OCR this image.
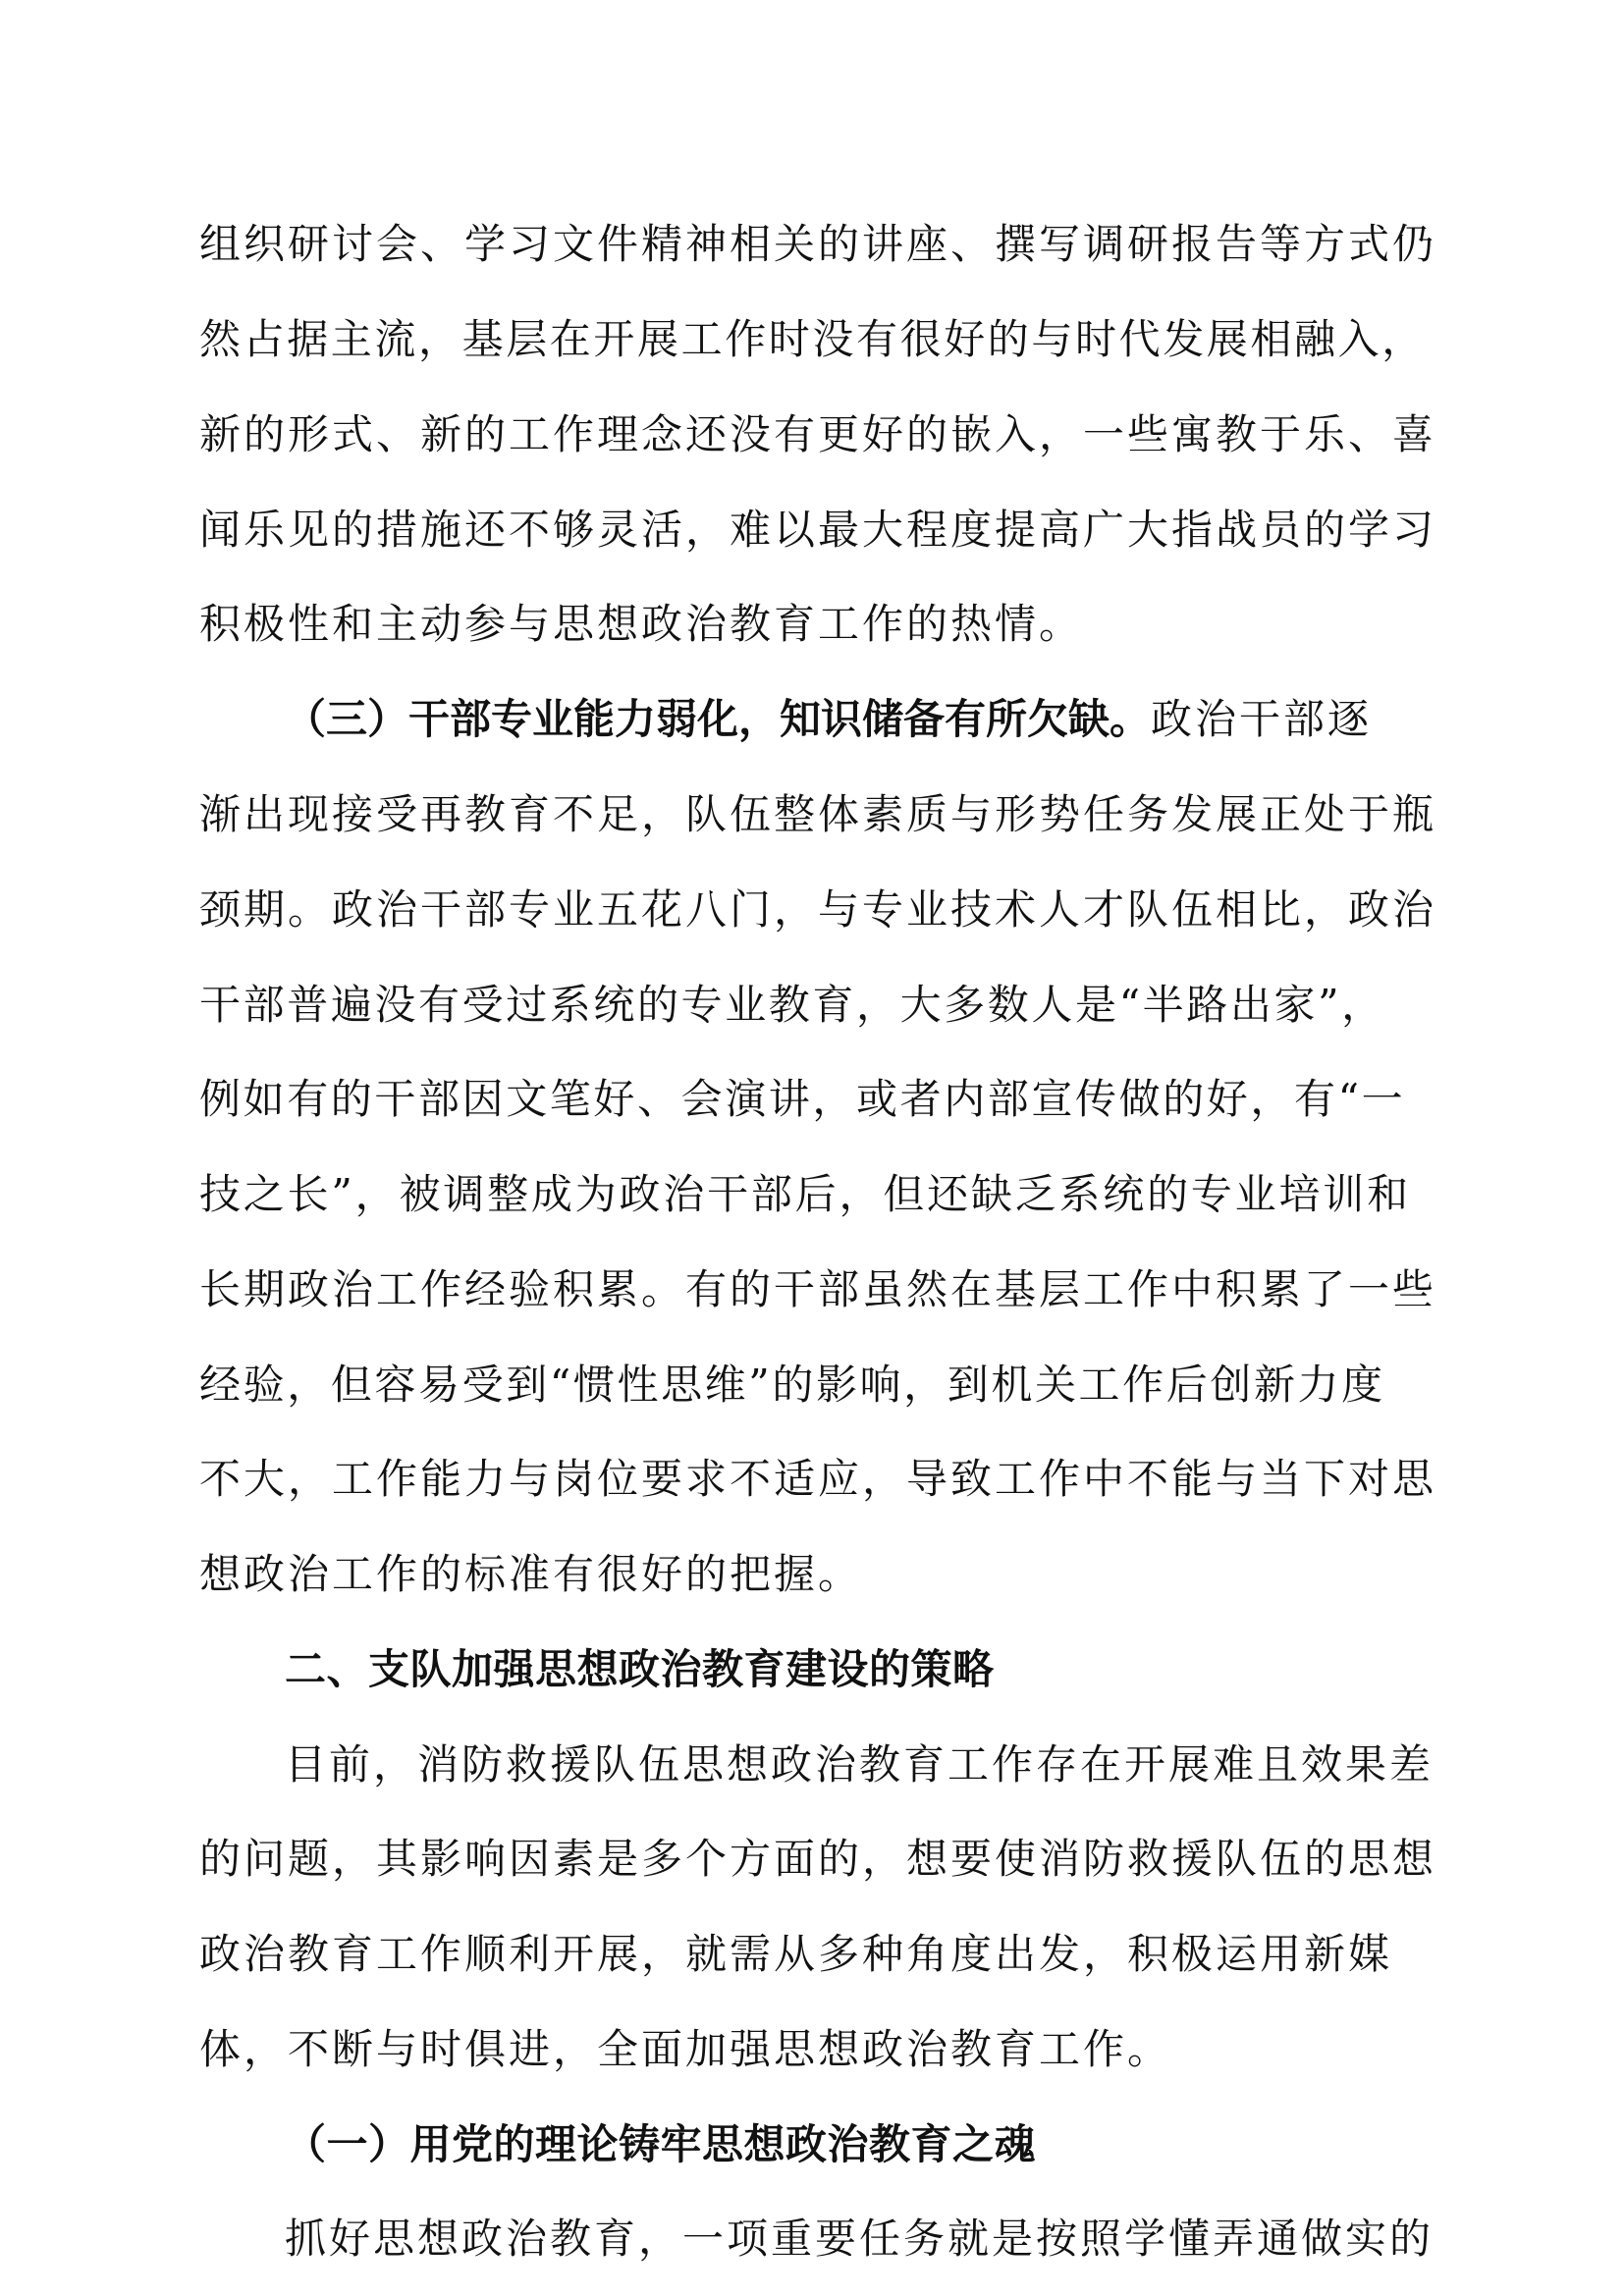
组织研讨会、学习文件精神相关的讲座、撰写调研报告等方式仍
然占据主流，基层在开展工作时没有很好的与时代发展相融入，
新的形式、新的工作理念还没有更好的嵌入，一些寓教于乐、喜
闻乐见的措施还不够灵活，难以最大程度提高广大指战员的学习
积极性和主动参与思想政治教育工作的热情。
（三）干部专业能力弱化，知识储备有所欠缺。政治干部逐
渐出现接受再教育不足，队伍整体素质与形势任务发展正处于瓶
颈期。政治干部专业五花八门，与专业技术人才队伍相比，政治
干部普遍没有受过系统的专业教育，大多数人是“半路出家”，
例如有的干部因文笔好、会演讲，或者内部宣传做的好，有“一
技之长”，被调整成为政治干部后，但还缺乏系统的专业培训和
长期政治工作经验积累。有的干部虽然在基层工作中积累了一些
经验，但容易受到“惯性思维”的影响，到机关工作后创新力度
不大，工作能力与岗位要求不适应，导致工作中不能与当下对思
想政治工作的标准有很好的把握。
二、支队加强思想政治教育建设的策略
目前，消防救援队伍思想政治教育工作存在开展难且效果差
的问题，其影响因素是多个方面的，想要使消防救援队伍的思想
政治教育工作顺利开展，就需从多种角度出发，积极运用新媒
体，不断与时俱进，全面加强思想政治教育工作。
（一）用党的理论铸牢思想政治教育之魂
抓好思想政治教育，一项重要任务就是按照学懂弄通做实的
